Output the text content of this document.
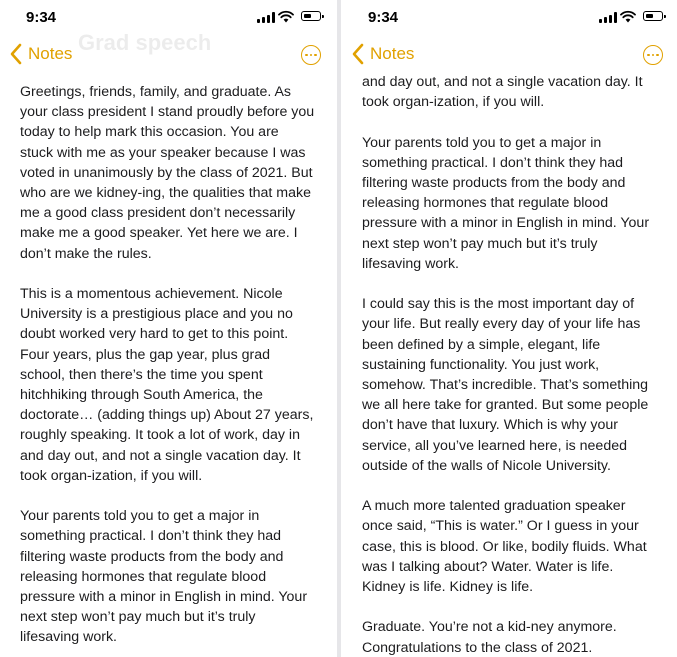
Grad speech
9:34
Notes

Greetings, friends, family, and graduate. As
your class president I stand proudly before you
today to help mark this occasion. You are
stuck with me as your speaker because I was
voted in unanimously by the class of 2021. But
who are we kidney-ing, the qualities that make
me a good class president don’t necessarily
make me a good speaker. Yet here we are. I
don’t make the rules.

This is a momentous achievement. Nicole
University is a prestigious place and you no
doubt worked very hard to get to this point.
Four years, plus the gap year, plus grad
school, then there’s the time you spent
hitchhiking through South America, the
doctorate… (adding things up) About 27 years,
roughly speaking. It took a lot of work, day in
and day out, and not a single vacation day. It
took organ-ization, if you will.

Your parents told you to get a major in
something practical. I don’t think they had
filtering waste products from the body and
releasing hormones that regulate blood
pressure with a minor in English in mind. Your
next step won’t pay much but it’s truly
lifesaving work.

9:34
Notes

and day out, and not a single vacation day. It
took organ-ization, if you will.

Your parents told you to get a major in
something practical. I don’t think they had
filtering waste products from the body and
releasing hormones that regulate blood
pressure with a minor in English in mind. Your
next step won’t pay much but it’s truly
lifesaving work.

I could say this is the most important day of
your life. But really every day of your life has
been defined by a simple, elegant, life
sustaining functionality. You just work,
somehow. That’s incredible. That’s something
we all here take for granted. But some people
don’t have that luxury. Which is why your
service, all you’ve learned here, is needed
outside of the walls of Nicole University.

A much more talented graduation speaker
once said, “This is water.” Or I guess in your
case, this is blood. Or like, bodily fluids. What
was I talking about? Water. Water is life.
Kidney is life. Kidney is life.

Graduate. You’re not a kid-ney anymore.
Congratulations to the class of 2021.
